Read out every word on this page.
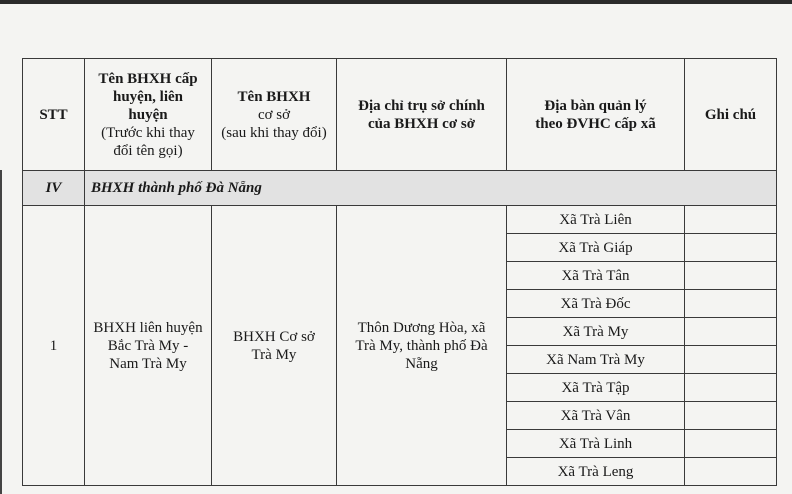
STT	Tên BHXH cấp
huyện, liên
huyện
(Trước khi thay
đổi tên gọi)	Tên BHXH
cơ sở
(sau khi thay đổi)	Địa chỉ trụ sở chính
của BHXH cơ sở	Địa bàn quản lý
theo ĐVHC cấp xã	Ghi chú
IV	BHXH thành phố Đà Nẵng				
1	BHXH liên huyện
Bắc Trà My -
Nam Trà My	BHXH Cơ sở
Trà My	Thôn Dương Hòa, xã
Trà My, thành phố Đà
Nẵng	Xã Trà Liên	
				Xã Trà Giáp	
				Xã Trà Tân	
				Xã Trà Đốc	
				Xã Trà My	
				Xã Nam Trà My	
				Xã Trà Tập	
				Xã Trà Vân	
				Xã Trà Linh	
				Xã Trà Leng	
